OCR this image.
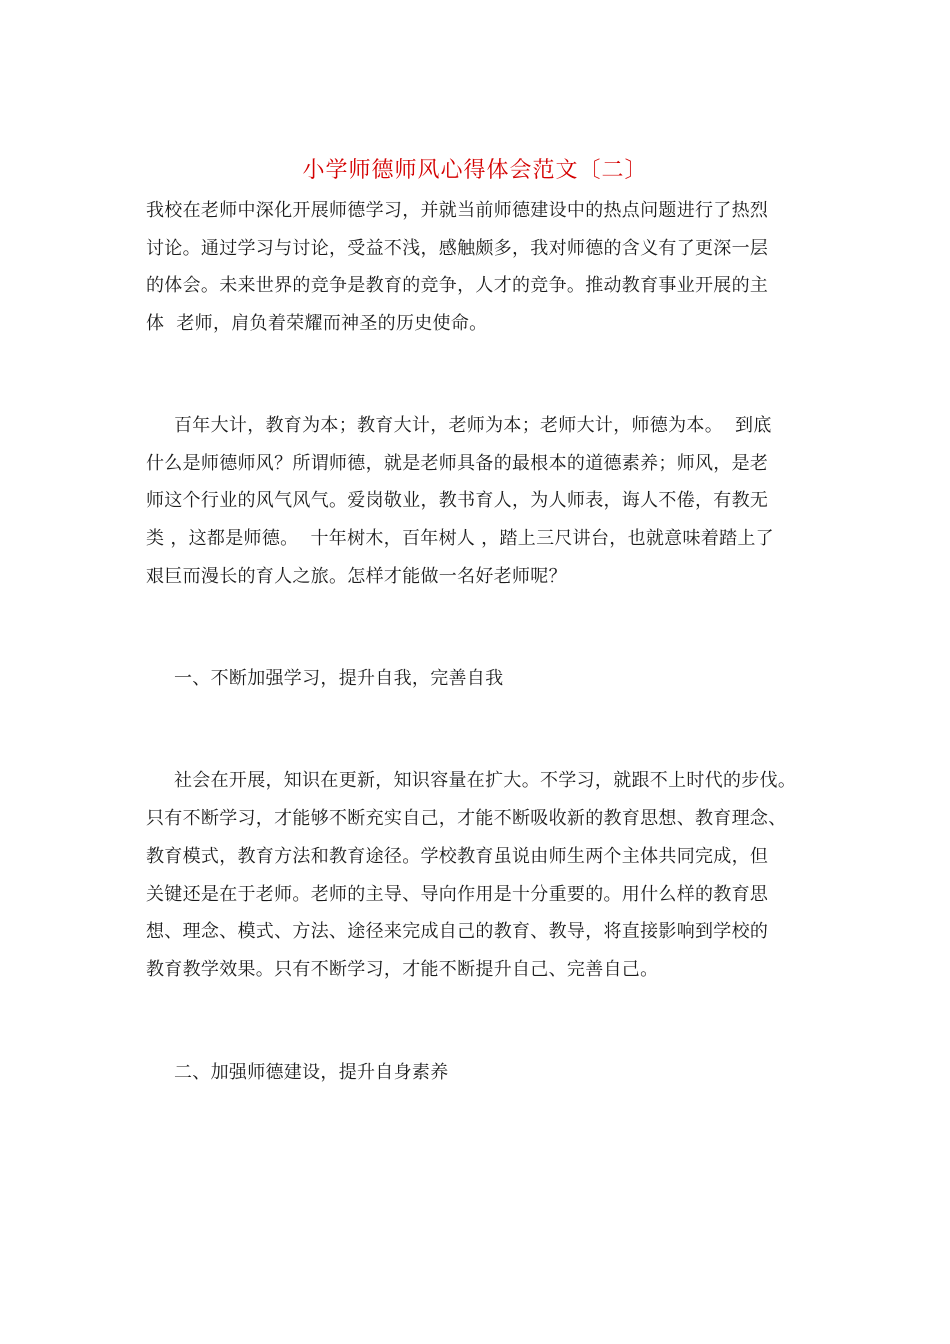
小学师德师风心得体会范文〔二〕
我校在老师中深化开展师德学习，并就当前师德建设中的热点问题进行了热烈
讨论。通过学习与讨论，受益不浅，感触颇多，我对师德的含义有了更深一层
的体会。未来世界的竞争是教育的竞争，人才的竞争。推动教育事业开展的主
体  老师，肩负着荣耀而神圣的历史使命。
百年大计，教育为本；教育大计，老师为本；老师大计，师德为本。  到底
什么是师德师风？所谓师德，就是老师具备的最根本的道德素养；师风，是老
师这个行业的风气风气。爱岗敬业，教书育人，为人师表，诲人不倦，有教无
类 ，这都是师德。  十年树木，百年树人 ，踏上三尺讲台，也就意味着踏上了
艰巨而漫长的育人之旅。怎样才能做一名好老师呢？
一、不断加强学习，提升自我，完善自我
社会在开展，知识在更新，知识容量在扩大。不学习，就跟不上时代的步伐。
只有不断学习，才能够不断充实自己，才能不断吸收新的教育思想、教育理念、
教育模式，教育方法和教育途径。学校教育虽说由师生两个主体共同完成，但
关键还是在于老师。老师的主导、导向作用是十分重要的。用什么样的教育思
想、理念、模式、方法、途径来完成自己的教育、教导，将直接影响到学校的
教育教学效果。只有不断学习，才能不断提升自己、完善自己。
二、加强师德建设，提升自身素养
